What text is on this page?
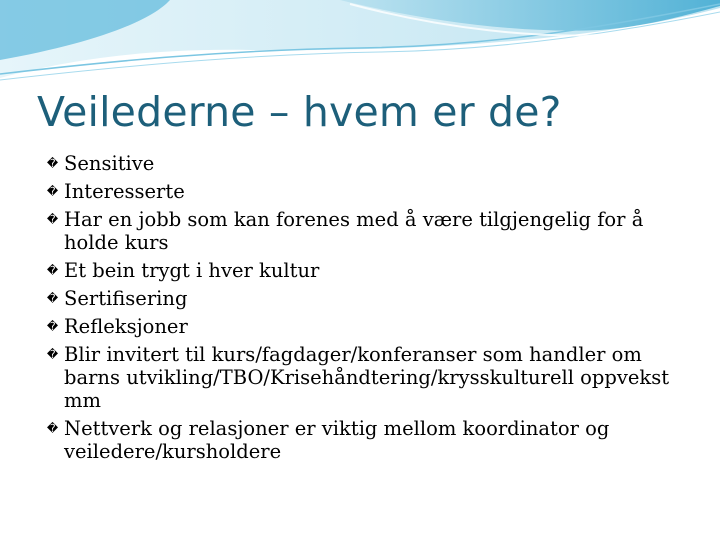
Veilederne – hvem er de?
� Sensitive
� Interesserte
� Har en jobb som kan forenes med å være tilgjengelig for å holde kurs
� Et bein trygt i hver kultur
� Sertifisering
� Refleksjoner
� Blir invitert til kurs/fagdager/konferanser som handler om barns utvikling/TBO/Krisehåndtering/krysskulturell oppvekst mm
� Nettverk og relasjoner er viktig mellom koordinator og veiledere/kursholdere
